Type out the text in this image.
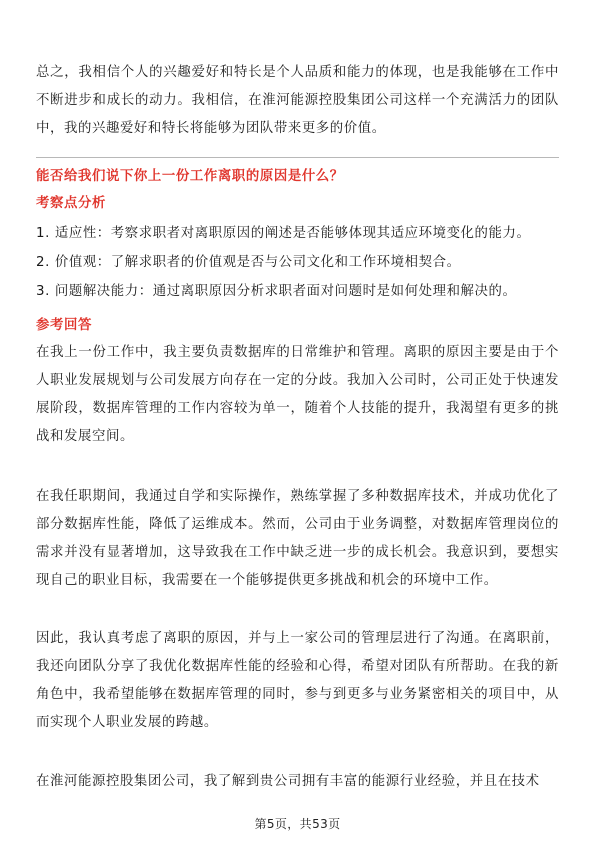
总之，我相信个人的兴趣爱好和特长是个人品质和能力的体现，也是我能够在工作中不断进步和成长的动力。我相信，在淮河能源控股集团公司这样一个充满活力的团队中，我的兴趣爱好和特长将能够为团队带来更多的价值。
能否给我们说下你上一份工作离职的原因是什么？
考察点分析
1. 适应性：考察求职者对离职原因的阐述是否能够体现其适应环境变化的能力。
2. 价值观：了解求职者的价值观是否与公司文化和工作环境相契合。
3. 问题解决能力：通过离职原因分析求职者面对问题时是如何处理和解决的。
参考回答
在我上一份工作中，我主要负责数据库的日常维护和管理。离职的原因主要是由于个人职业发展规划与公司发展方向存在一定的分歧。我加入公司时，公司正处于快速发展阶段，数据库管理的工作内容较为单一，随着个人技能的提升，我渴望有更多的挑战和发展空间。
在我任职期间，我通过自学和实际操作，熟练掌握了多种数据库技术，并成功优化了部分数据库性能，降低了运维成本。然而，公司由于业务调整，对数据库管理岗位的需求并没有显著增加，这导致我在工作中缺乏进一步的成长机会。我意识到，要想实现自己的职业目标，我需要在一个能够提供更多挑战和机会的环境中工作。
因此，我认真考虑了离职的原因，并与上一家公司的管理层进行了沟通。在离职前，我还向团队分享了我优化数据库性能的经验和心得，希望对团队有所帮助。在我的新角色中，我希望能够在数据库管理的同时，参与到更多与业务紧密相关的项目中，从而实现个人职业发展的跨越。
在淮河能源控股集团公司，我了解到贵公司拥有丰富的能源行业经验，并且在技术
第5页，共53页
